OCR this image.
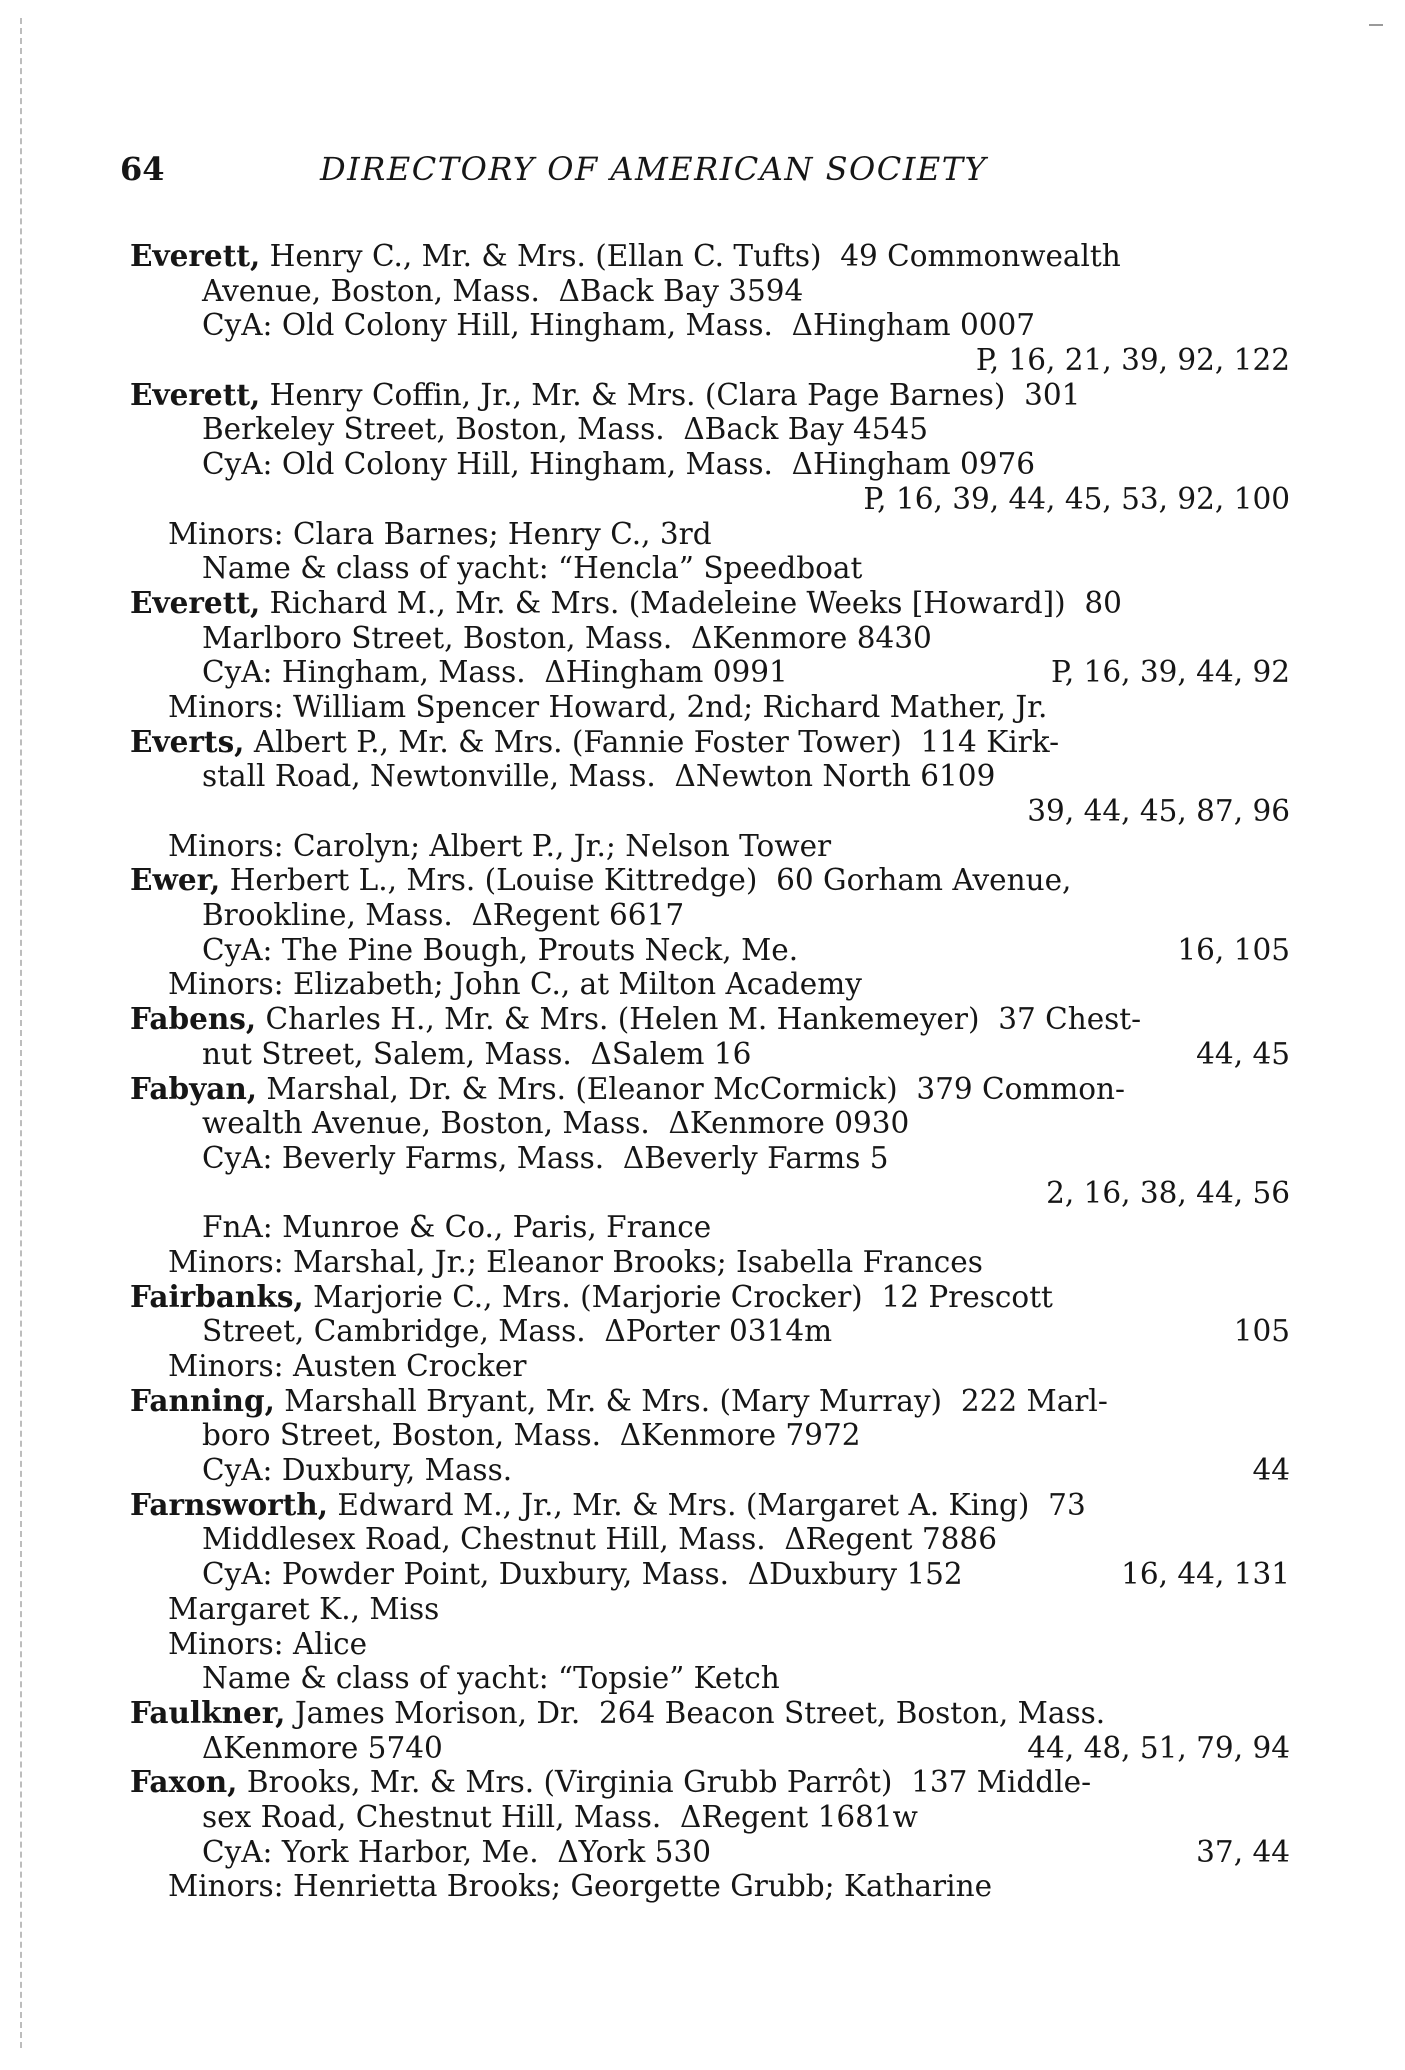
64	DIRECTORY OF AMERICAN SOCIETY
Everett, Henry C., Mr. & Mrs. (Ellan C. Tufts)  49 Commonwealth
Avenue, Boston, Mass.  ΔBack Bay 3594
CyA: Old Colony Hill, Hingham, Mass.  ΔHingham 0007
P, 16, 21, 39, 92, 122
Everett, Henry Coffin, Jr., Mr. & Mrs. (Clara Page Barnes)  301
Berkeley Street, Boston, Mass.  ΔBack Bay 4545
CyA: Old Colony Hill, Hingham, Mass.  ΔHingham 0976
P, 16, 39, 44, 45, 53, 92, 100
Minors: Clara Barnes; Henry C., 3rd
Name & class of yacht: “Hencla” Speedboat
Everett, Richard M., Mr. & Mrs. (Madeleine Weeks [Howard])  80
Marlboro Street, Boston, Mass.  ΔKenmore 8430
CyA: Hingham, Mass.  ΔHingham 0991	P, 16, 39, 44, 92
Minors: William Spencer Howard, 2nd; Richard Mather, Jr.
Everts, Albert P., Mr. & Mrs. (Fannie Foster Tower)  114 Kirk-
stall Road, Newtonville, Mass.  ΔNewton North 6109
39, 44, 45, 87, 96
Minors: Carolyn; Albert P., Jr.; Nelson Tower
Ewer, Herbert L., Mrs. (Louise Kittredge)  60 Gorham Avenue,
Brookline, Mass.  ΔRegent 6617
CyA: The Pine Bough, Prouts Neck, Me.	16, 105
Minors: Elizabeth; John C., at Milton Academy
Fabens, Charles H., Mr. & Mrs. (Helen M. Hankemeyer)  37 Chest-
nut Street, Salem, Mass.  ΔSalem 16	44, 45
Fabyan, Marshal, Dr. & Mrs. (Eleanor McCormick)  379 Common-
wealth Avenue, Boston, Mass.  ΔKenmore 0930
CyA: Beverly Farms, Mass.  ΔBeverly Farms 5
2, 16, 38, 44, 56
FnA: Munroe & Co., Paris, France
Minors: Marshal, Jr.; Eleanor Brooks; Isabella Frances
Fairbanks, Marjorie C., Mrs. (Marjorie Crocker)  12 Prescott
Street, Cambridge, Mass.  ΔPorter 0314m	105
Minors: Austen Crocker
Fanning, Marshall Bryant, Mr. & Mrs. (Mary Murray)  222 Marl-
boro Street, Boston, Mass.  ΔKenmore 7972
CyA: Duxbury, Mass.	44
Farnsworth, Edward M., Jr., Mr. & Mrs. (Margaret A. King)  73
Middlesex Road, Chestnut Hill, Mass.  ΔRegent 7886
CyA: Powder Point, Duxbury, Mass.  ΔDuxbury 152	16, 44, 131
Margaret K., Miss
Minors: Alice
Name & class of yacht: “Topsie” Ketch
Faulkner, James Morison, Dr.  264 Beacon Street, Boston, Mass.
ΔKenmore 5740	44, 48, 51, 79, 94
Faxon, Brooks, Mr. & Mrs. (Virginia Grubb Parrôt)  137 Middle-
sex Road, Chestnut Hill, Mass.  ΔRegent 1681w
CyA: York Harbor, Me.  ΔYork 530	37, 44
Minors: Henrietta Brooks; Georgette Grubb; Katharine
